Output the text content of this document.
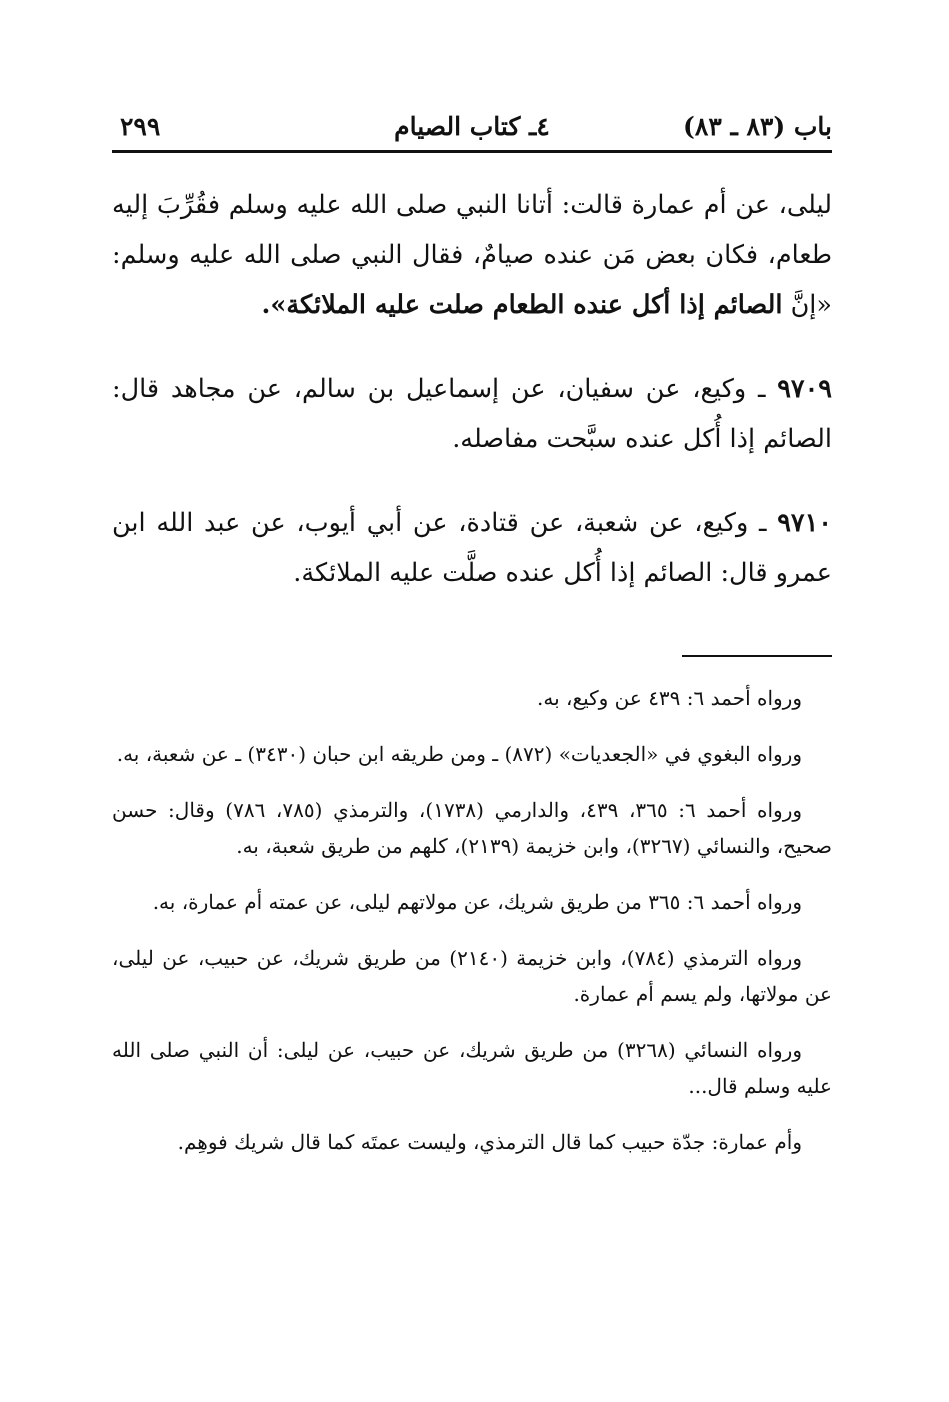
باب (٨٣ ـ ٨٣)
٤ـ كتاب الصيام
٢٩٩

ليلى، عن أم عمارة قالت: أتانا النبي صلى الله عليه وسلم فقُرِّبَ إليه طعام، فكان بعض مَن عنده صيامٌ، فقال النبي صلى الله عليه وسلم: «إنَّ الصائم إذا أكل عنده الطعام صلت عليه الملائكة».

٩٧٠٩ ـ وكيع، عن سفيان، عن إسماعيل بن سالم، عن مجاهد قال: الصائم إذا أُكل عنده سبَّحت مفاصله.

٩٧١٠ ـ وكيع، عن شعبة، عن قتادة، عن أبي أيوب، عن عبد الله ابن عمرو قال: الصائم إذا أُكل عنده صلَّت عليه الملائكة.

ورواه أحمد ٦: ٤٣٩ عن وكيع، به.

ورواه البغوي في «الجعديات» (٨٧٢) ـ ومن طريقه ابن حبان (٣٤٣٠) ـ عن شعبة، به.

ورواه أحمد ٦: ٣٦٥، ٤٣٩، والدارمي (١٧٣٨)، والترمذي (٧٨٥، ٧٨٦) وقال: حسن صحيح، والنسائي (٣٢٦٧)، وابن خزيمة (٢١٣٩)، كلهم من طريق شعبة، به.

ورواه أحمد ٦: ٣٦٥ من طريق شريك، عن مولاتهم ليلى، عن عمته أم عمارة، به.

ورواه الترمذي (٧٨٤)، وابن خزيمة (٢١٤٠) من طريق شريك، عن حبيب، عن ليلى، عن مولاتها، ولم يسم أم عمارة.

ورواه النسائي (٣٢٦٨) من طريق شريك، عن حبيب، عن ليلى: أن النبي صلى الله عليه وسلم قال...

وأم عمارة: جدّة حبيب كما قال الترمذي، وليست عمتَه كما قال شريك فوهِم.
